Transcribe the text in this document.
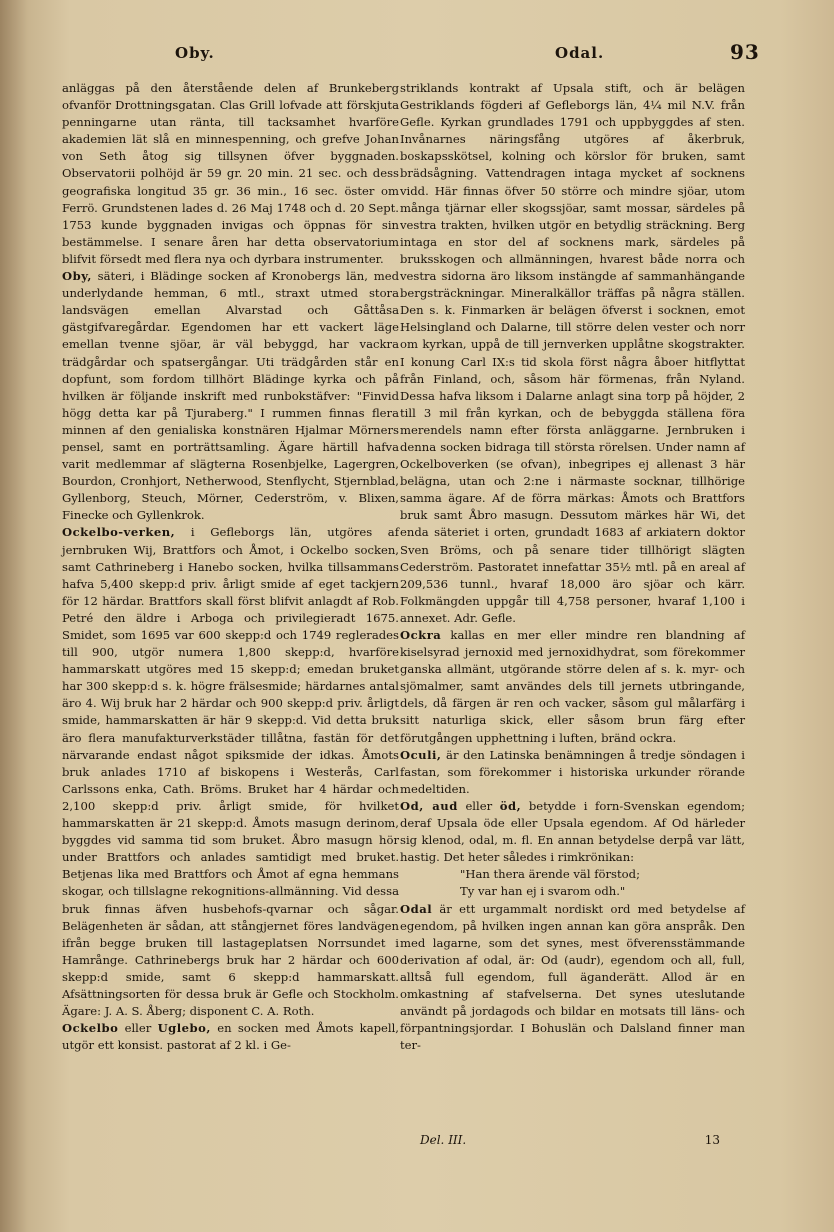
Oby.	Odal.	93

anläggas på den återstående delen af Brunkeberg ofvanför Drottningsgatan. Clas Grill lofvade att förskjuta penningarne utan ränta, till tacksamhet hvarföre akademien lät slå en minnespenning, och grefve Johan von Seth åtog sig tillsynen öfver byggnaden. Observatorii polhöjd är 59 gr. 20 min. 21 sec. och dess geografiska longitud 35 gr. 36 min., 16 sec. öster om Ferrö. Grundstenen lades d. 26 Maj 1748 och d. 20 Sept. 1753 kunde byggnaden invigas och öppnas för sin bestämmelse. I senare åren har detta observatorium blifvit försedt med flera nya och dyrbara instrumenter.

Oby, säteri, i Blädinge socken af Kronobergs län, med underlydande hemman, 6 mtl., straxt utmed stora landsvägen emellan Alvarstad och Gåttåsa gästgifvaregårdar. Egendomen har ett vackert läge emellan tvenne sjöar, är väl bebyggd, har vackra trädgårdar och spatsergångar. Uti trädgården står en dopfunt, som fordom tillhört Blädinge kyrka och på hvilken är följande inskrift med runbokstäfver: "Finvid högg detta kar på Tjuraberg." I rummen finnas flera minnen af den genialiska konstnären Hjalmar Mörners pensel, samt en porträttsamling. Ägare härtill hafva varit medlemmar af slägterna Rosenbjelke, Lagergren, Bourdon, Cronhjort, Netherwood, Stenflycht, Stjernblad, Gyllenborg, Steuch, Mörner, Cederström, v. Blixen, Finecke och Gyllenkrok.

Ockelbo-verken, i Gefleborgs län, utgöres af jernbruken Wij, Brattfors och Åmot, i Ockelbo socken, samt Cathrineberg i Hanebo socken, hvilka tillsammans hafva 5,400 skepp:d priv. årligt smide af eget tackjern för 12 härdar. Brattfors skall först blifvit anlagdt af Rob. Petré den äldre i Arboga och privilegieradt 1675. Smidet, som 1695 var 600 skepp:d och 1749 reglerades till 900, utgör numera 1,800 skepp:d, hvarföre hammarskatt utgöres med 15 skepp:d; emedan bruket har 300 skepp:d s. k. högre frälsesmide; härdarnes antal äro 4. Wij bruk har 2 härdar och 900 skepp:d priv. årligt smide, hammarskatten är här 9 skepp:d. Vid detta bruk äro flera manufakturverkstäder tillåtna, fastän för det närvarande endast något spiksmide der idkas. Åmots bruk anlades 1710 af biskopens i Westerås, Carl Carlssons enka, Cath. Bröms. Bruket har 4 härdar och 2,100 skepp:d priv. årligt smide, för hvilket hammarskatten är 21 skepp:d. Åmots masugn derinom, byggdes vid samma tid som bruket. Åbro masugn hör under Brattfors och anlades samtidigt med bruket. Betjenas lika med Brattfors och Åmot af egna hemmans skogar, och tillslagne rekognitions-allmänning. Vid dessa bruk finnas äfven husbehofs-qvarnar och sågar. Belägenheten är sådan, att stångjernet föres landvägen ifrån begge bruken till lastageplatsen Norrsundet i Hamrånge. Cathrinebergs bruk har 2 härdar och 600 skepp:d smide, samt 6 skepp:d hammarskatt. Afsättningsorten för dessa bruk är Gefle och Stockholm. Ägare: J. A. S. Åberg; disponent C. A. Roth.

Ockelbo eller Uglebo, en socken med Åmots kapell, utgör ett konsist. pastorat af 2 kl. i Ge-

striklands kontrakt af Upsala stift, och är belägen Gestriklands fögderi af Gefleborgs län, 4¼ mil N.V. från Gefle. Kyrkan grundlades 1791 och uppbyggdes af sten. Invånarnes näringsfång utgöres af åkerbruk, boskapsskötsel, kolning och körslor för bruken, samt brädsågning. Vattendragen intaga mycket af socknens vidd. Här finnas öfver 50 större och mindre sjöar, utom många tjärnar eller skogssjöar, samt mossar, särdeles på vestra trakten, hvilken utgör en betydlig sträckning. Berg intaga en stor del af socknens mark, särdeles på bruksskogen och allmänningen, hvarest både norra och vestra sidorna äro liksom instängde af sammanhängande bergsträckningar. Mineralkällor träffas på några ställen. Den s. k. Finmarken är belägen öfverst i socknen, emot Helsingland och Dalarne, till större delen vester och norr om kyrkan, uppå de till jernverken upplåtne skogstrakter. I konung Carl IX:s tid skola först några åboer hitflyttat från Finland, och, såsom här förmenas, från Nyland. Dessa hafva liksom i Dalarne anlagt sina torp på höjder, 2 till 3 mil från kyrkan, och de bebyggda ställena föra merendels namn efter första anläggarne. Jernbruken i denna socken bidraga till största rörelsen. Under namn af Ockelboverken (se ofvan), inbegripes ej allenast 3 här belägna, utan och 2:ne i närmaste socknar, tillhörige samma ägare. Af de förra märkas: Åmots och Brattfors bruk samt Åbro masugn. Dessutom märkes här Wi, det enda säteriet i orten, grundadt 1683 af arkiatern doktor Sven Bröms, och på senare tider tillhörigt slägten Cederström. Pastoratet innefattar 35½ mtl. på en areal af 209,536 tunnl., hvaraf 18,000 äro sjöar och kärr. Folkmängden uppgår till 4,758 personer, hvaraf 1,100 i annexet. Adr. Gefle.

Ockra kallas en mer eller mindre ren blandning af kiselsyrad jernoxid med jernoxidhydrat, som förekommer ganska allmänt, utgörande större delen af s. k. myr- och sjömalmer, samt användes dels till jernets utbringande, dels, då färgen är ren och vacker, såsom gul målarfärg i sitt naturliga skick, eller såsom brun färg efter förutgången upphettning i luften, bränd ockra.

Oculi, är den Latinska benämningen å tredje söndagen i fastan, som förekommer i historiska urkunder rörande medeltiden.

Od, aud eller öd, betydde i forn-Svenskan egendom; deraf Upsala öde eller Upsala egendom. Af Od härleder sig klenod, odal, m. fl. En annan betydelse derpå var lätt, hastig. Det heter således i rimkrönikan:

"Han thera ärende väl förstod;

Ty var han ej i svarom odh."

Odal är ett urgammalt nordiskt ord med betydelse af egendom, på hvilken ingen annan kan göra anspråk. Den med lagarne, som det synes, mest öfverensstämmande derivation af odal, är: Od (audr), egendom och all, full, alltså full egendom, full äganderätt. Allod är en omkastning af stafvelserna. Det synes uteslutande användt på jordagods och bildar en motsats till läns- och förpantningsjordar. I Bohuslän och Dalsland finner man ter-

Del. III.	13
